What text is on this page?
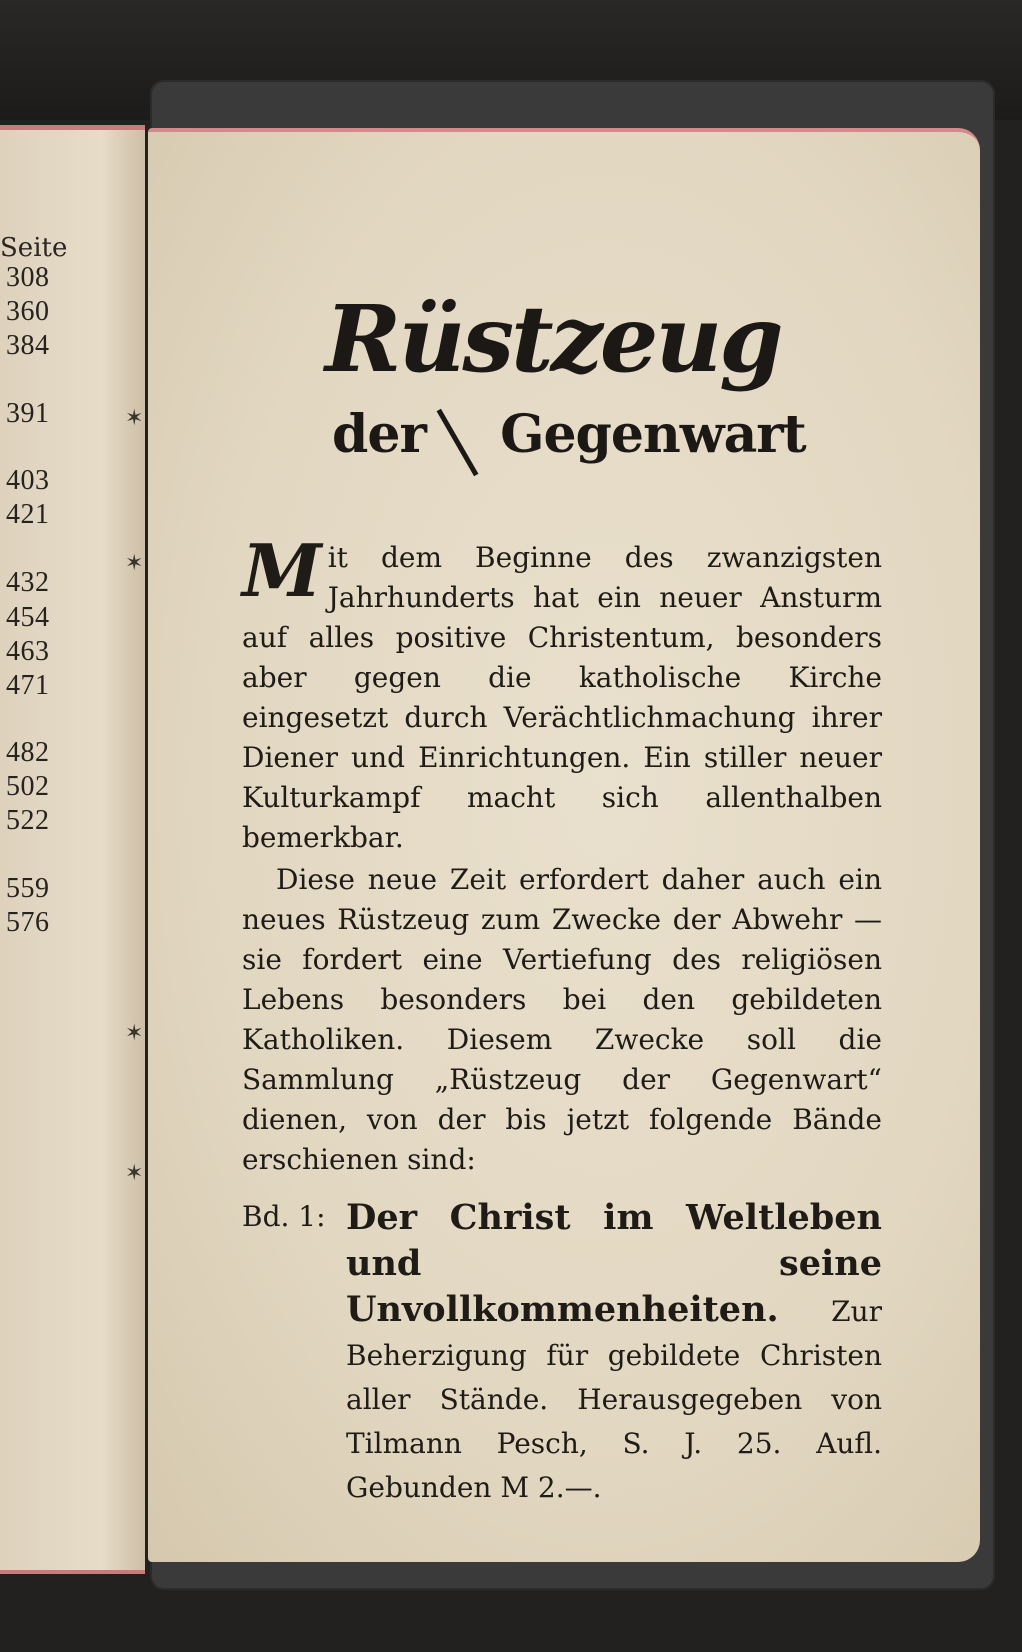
Seite
308
360
384
391
403
421
432
454
463
471
482
502
522
559
576
✶
✶
✶
✶
Rüstzeug
der Gegenwart

Mit dem Beginne des zwanzigsten Jahrhunderts hat ein neuer Ansturm auf alles positive Christentum, besonders aber gegen die katholische Kirche eingesetzt durch Verächtlichmachung ihrer Diener und Einrichtungen. Ein stiller neuer Kulturkampf macht sich allenthalben bemerkbar.

Diese neue Zeit erfordert daher auch ein neues Rüstzeug zum Zwecke der Abwehr — sie fordert eine Vertiefung des religiösen Lebens besonders bei den gebildeten Katholiken. Diesem Zwecke soll die Sammlung „Rüstzeug der Gegenwart“ dienen, von der bis jetzt folgende Bände erschienen sind:

Bd. 1: Der Christ im Weltleben und seine Unvollkommenheiten. Zur Beherzigung für gebildete Christen aller Stände. Herausgegeben von Tilmann Pesch, S. J. 25. Aufl. Gebunden M 2.—.
